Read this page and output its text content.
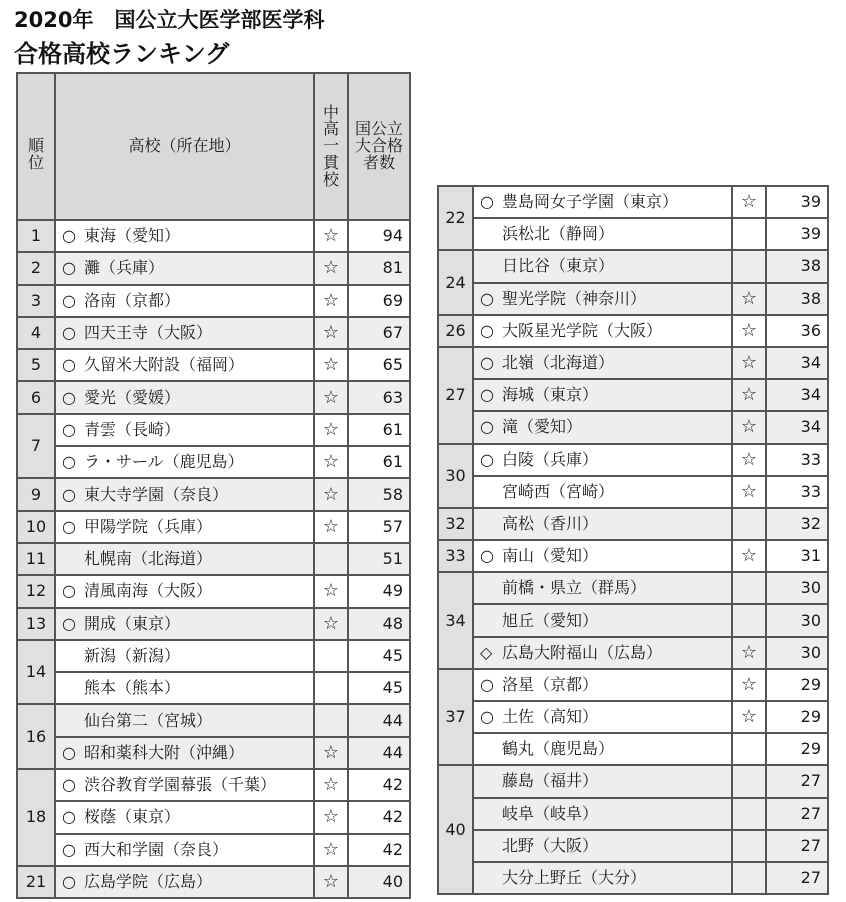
2020年　国公立大医学部医学科
合格高校ランキング
順位	高校（所在地）	中高一貫校	国公立大合格者数
1	○ 東海（愛知）	☆	94
2	○ 灘（兵庫）	☆	81
3	○ 洛南（京都）	☆	69
4	○ 四天王寺（大阪）	☆	67
5	○ 久留米大附設（福岡）	☆	65
6	○ 愛光（愛媛）	☆	63
7	○ 青雲（長崎）	☆	61
	○ ラ・サール（鹿児島）	☆	61
9	○ 東大寺学園（奈良）	☆	58
10	○ 甲陽学院（兵庫）	☆	57
11	札幌南（北海道）		51
12	○ 清風南海（大阪）	☆	49
13	○ 開成（東京）	☆	48
14	新潟（新潟）		45
	熊本（熊本）		45
16	仙台第二（宮城）		44
	○ 昭和薬科大附（沖縄）	☆	44
18	○ 渋谷教育学園幕張（千葉）	☆	42
	○ 桜蔭（東京）	☆	42
	○ 西大和学園（奈良）	☆	42
21	○ 広島学院（広島）	☆	40
22	○ 豊島岡女子学園（東京）	☆	39
	浜松北（静岡）		39
24	日比谷（東京）		38
	○ 聖光学院（神奈川）	☆	38
26	○ 大阪星光学院（大阪）	☆	36
27	○ 北嶺（北海道）	☆	34
	○ 海城（東京）	☆	34
	○ 滝（愛知）	☆	34
30	○ 白陵（兵庫）	☆	33
	宮崎西（宮崎）	☆	33
32	高松（香川）		32
33	○ 南山（愛知）	☆	31
34	前橋・県立（群馬）		30
	旭丘（愛知）		30
	◇ 広島大附福山（広島）	☆	30
37	○ 洛星（京都）	☆	29
	○ 土佐（高知）	☆	29
	鶴丸（鹿児島）		29
40	藤島（福井）		27
	岐阜（岐阜）		27
	北野（大阪）		27
	大分上野丘（大分）		27
